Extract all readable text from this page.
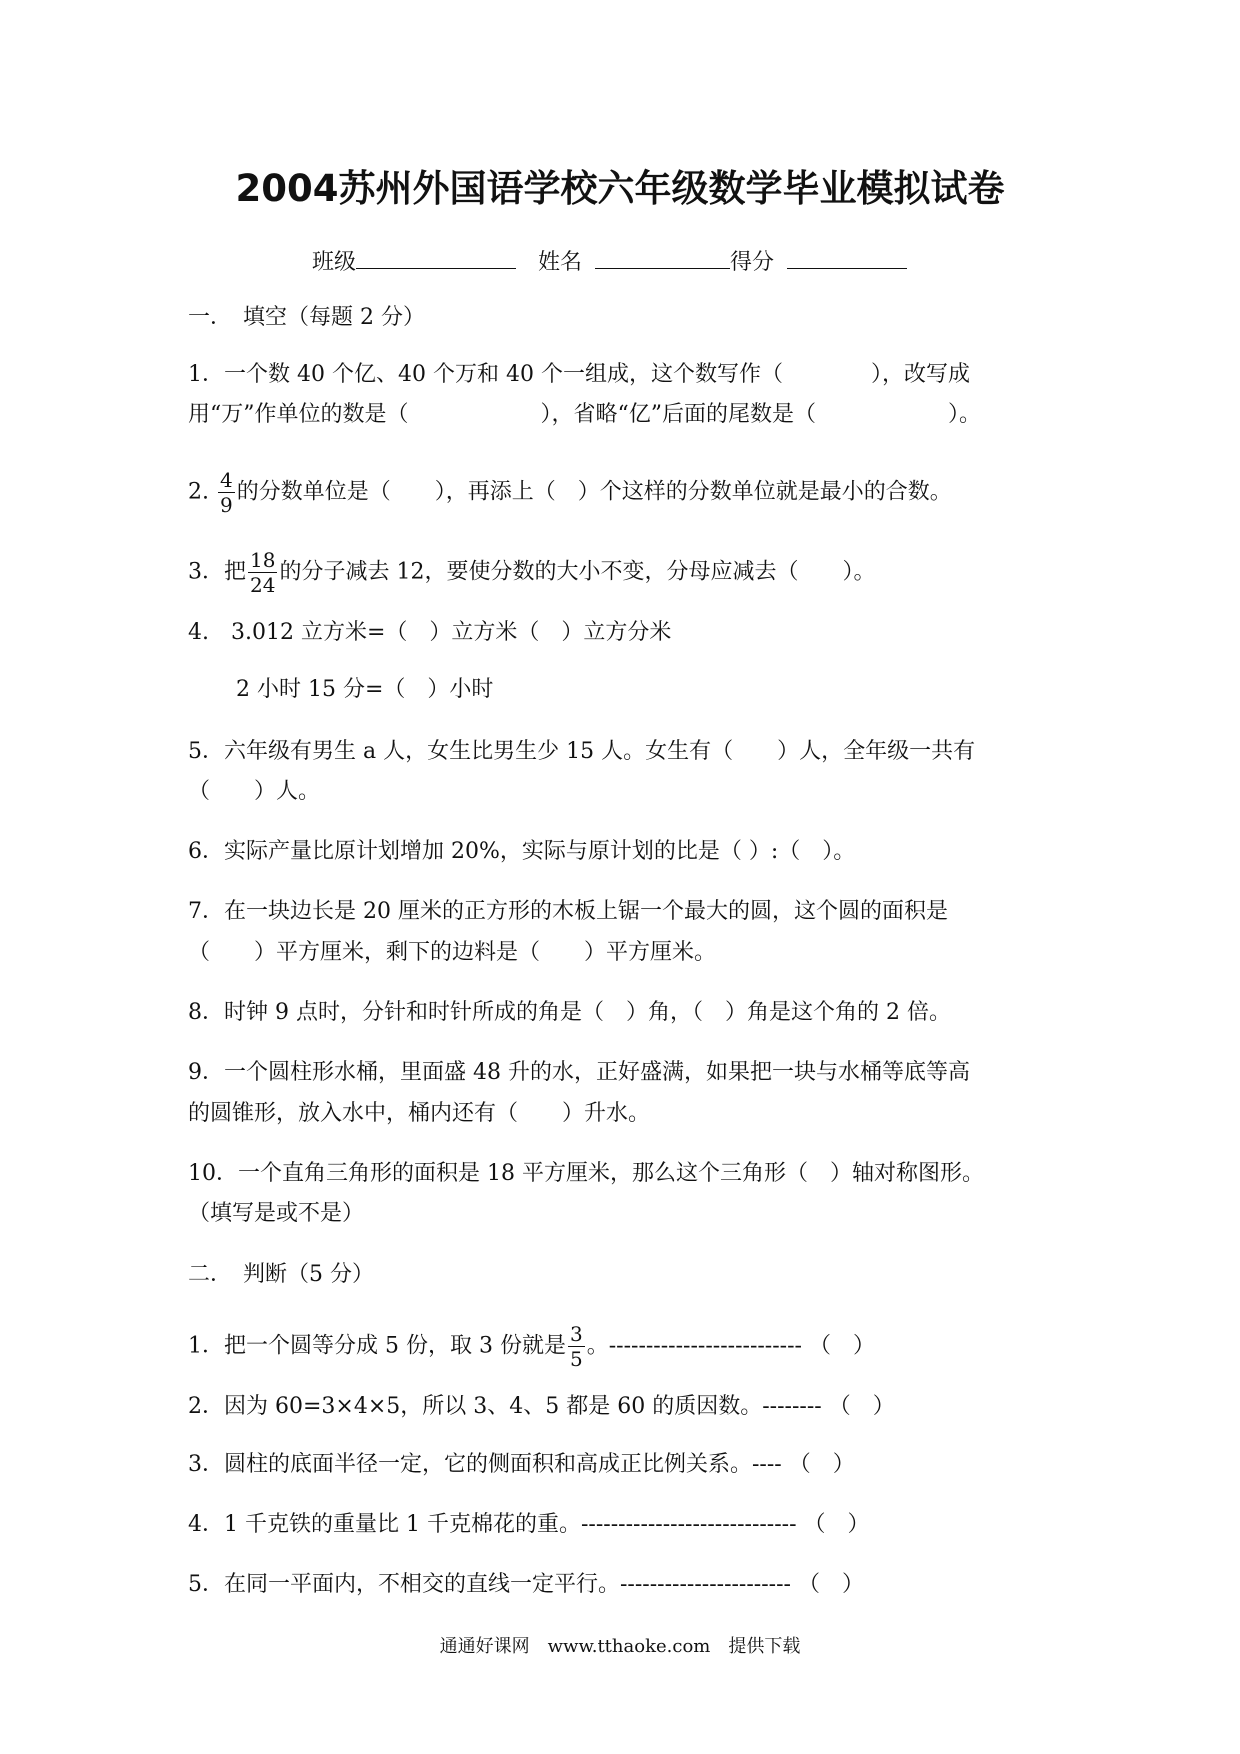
2004苏州外国语学校六年级数学毕业模拟试卷
班级	姓名	得分
一．　填空（每题 2 分）
1．一个数 40 个亿、40 个万和 40 个一组成，这个数写作（　　　　），改写成
用“万”作单位的数是（　　　　　　），省略“亿”后面的尾数是（　　　　　　）。
2. $\frac{4}{9}$ 的分数单位是（　　），再添上（　）个这样的分数单位就是最小的合数。
3．把 $\frac{18}{24}$ 的分子减去 12，要使分数的大小不变，分母应减去（　　）。
4.　3.012 立方米=（　）立方米（　）立方分米
2 小时 15 分=（　）小时
5．六年级有男生 a 人，女生比男生少 15 人。女生有（　　）人，全年级一共有
（　　）人。
6．实际产量比原计划增加 20%，实际与原计划的比是（ ）:（　）。
7．在一块边长是 20 厘米的正方形的木板上锯一个最大的圆，这个圆的面积是
（　　）平方厘米，剩下的边料是（　　）平方厘米。
8．时钟 9 点时，分针和时针所成的角是（　）角，（　）角是这个角的 2 倍。
9．一个圆柱形水桶，里面盛 48 升的水，正好盛满，如果把一块与水桶等底等高
的圆锥形，放入水中，桶内还有（　　）升水。
10．一个直角三角形的面积是 18 平方厘米，那么这个三角形（　）轴对称图形。
（填写是或不是）
二．　判断（5 分）
1．把一个圆等分成 5 份，取 3 份就是 $\frac{3}{5}$ 。-------------------------- （　）
2．因为 60=3×4×5，所以 3、4、5 都是 60 的质因数。-------- （　）
3．圆柱的底面半径一定，它的侧面积和高成正比例关系。---- （　）
4．1 千克铁的重量比 1 千克棉花的重。----------------------------- （　）
5．在同一平面内，不相交的直线一定平行。----------------------- （　）
通通好课网　www.tthaoke.com　提供下载
